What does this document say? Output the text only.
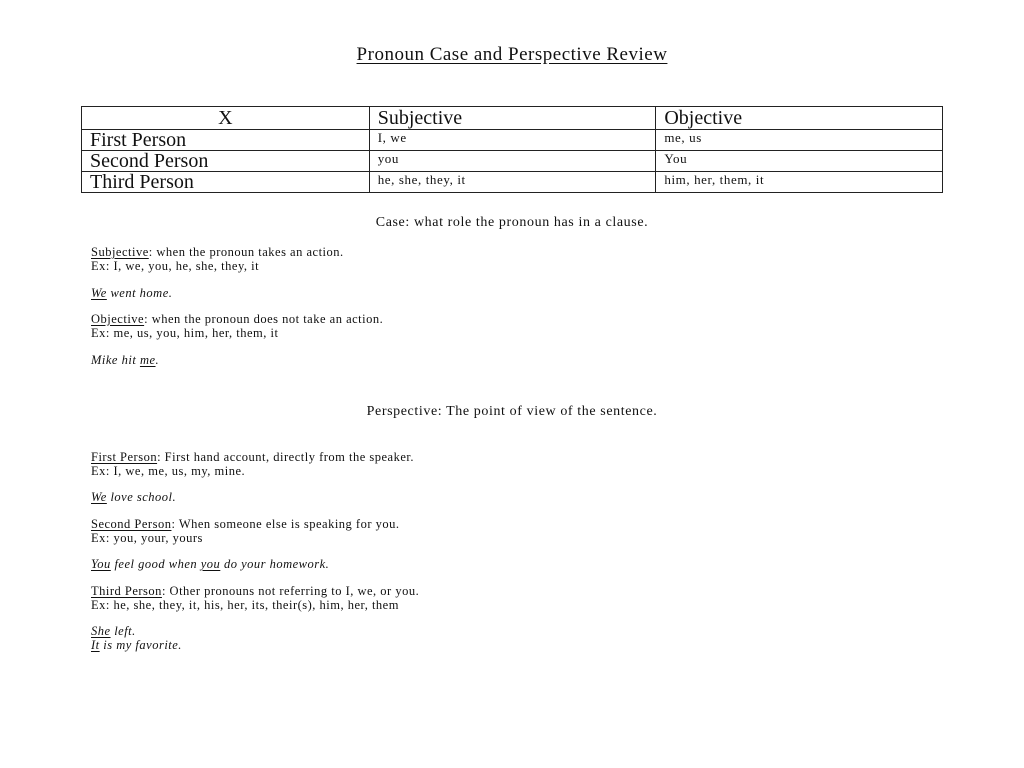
Pronoun Case and Perspective Review
X	Subjective	Objective
First Person	I, we	me, us
Second Person	you	You
Third Person	he, she, they, it	him, her, them, it
Case: what role the pronoun has in a clause.
Subjective: when the pronoun takes an action.
Ex: I, we, you, he, she, they, it
We went home.
Objective: when the pronoun does not take an action.
Ex: me, us, you, him, her, them, it
Mike hit me.
Perspective: The point of view of the sentence.
First Person: First hand account, directly from the speaker.
Ex: I, we, me, us, my, mine.
We love school.
Second Person: When someone else is speaking for you.
Ex: you, your, yours
You feel good when you do your homework.
Third Person: Other pronouns not referring to I, we, or you.
Ex: he, she, they, it, his, her, its, their(s), him, her, them
She left.
It is my favorite.
